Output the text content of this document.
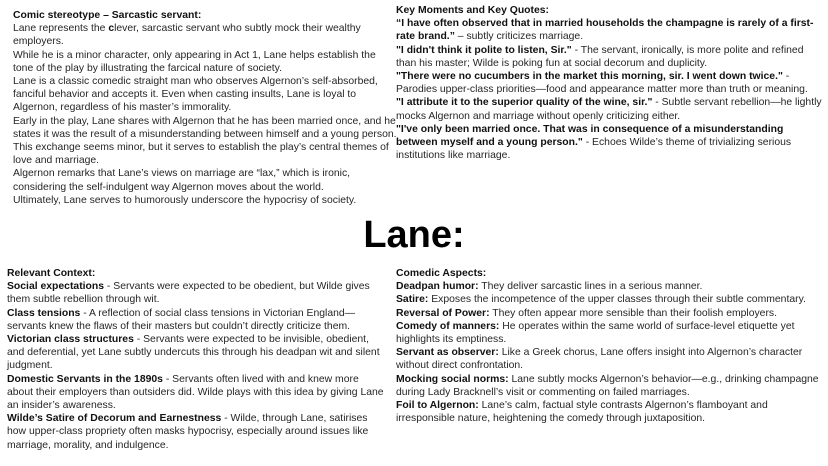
Comic stereotype – Sarcastic servant:

Lane represents the clever, sarcastic servant who subtly mock their wealthy employers.

While he is a minor character, only appearing in Act 1, Lane helps establish the tone of the play by illustrating the farcical nature of society.

Lane is a classic comedic straight man who observes Algernon’s self-absorbed, fanciful behavior and accepts it. Even when casting insults, Lane is loyal to Algernon, regardless of his master’s immorality.

Early in the play, Lane shares with Algernon that he has been married once, and he states it was the result of a misunderstanding between himself and a young person. This exchange seems minor, but it serves to establish the play’s central themes of love and marriage.

Algernon remarks that Lane’s views on marriage are “lax,” which is ironic, considering the self-indulgent way Algernon moves about the world.

Ultimately, Lane serves to humorously underscore the hypocrisy of society.

Key Moments and Key Quotes:

“I have often observed that in married households the champagne is rarely of a first-rate brand.” – subtly criticizes marriage.

"I didn't think it polite to listen, Sir." - The servant, ironically, is more polite and refined than his master; Wilde is poking fun at social decorum and duplicity.

"There were no cucumbers in the market this morning, sir. I went down twice." - Parodies upper-class priorities—food and appearance matter more than truth or meaning.

"I attribute it to the superior quality of the wine, sir." - Subtle servant rebellion—he lightly mocks Algernon and marriage without openly criticizing either.

"I've only been married once. That was in consequence of a misunderstanding between myself and a young person." - Echoes Wilde’s theme of trivializing serious institutions like marriage.

Lane:

Relevant Context:

Social expectations - Servants were expected to be obedient, but Wilde gives them subtle rebellion through wit.

Class tensions - A reflection of social class tensions in Victorian England—servants knew the flaws of their masters but couldn’t directly criticize them.

Victorian class structures - Servants were expected to be invisible, obedient, and deferential, yet Lane subtly undercuts this through his deadpan wit and silent judgment.

Domestic Servants in the 1890s - Servants often lived with and knew more about their employers than outsiders did. Wilde plays with this idea by giving Lane an insider’s awareness.

Wilde’s Satire of Decorum and Earnestness - Wilde, through Lane, satirises how upper-class propriety often masks hypocrisy, especially around issues like marriage, morality, and indulgence.

Comedic Aspects:

Deadpan humor: They deliver sarcastic lines in a serious manner.

Satire: Exposes the incompetence of the upper classes through their subtle commentary.

Reversal of Power: They often appear more sensible than their foolish employers.

Comedy of manners: He operates within the same world of surface-level etiquette yet highlights its emptiness.

Servant as observer: Like a Greek chorus, Lane offers insight into Algernon’s character without direct confrontation.

Mocking social norms: Lane subtly mocks Algernon’s behavior—e.g., drinking champagne during Lady Bracknell’s visit or commenting on failed marriages.

Foil to Algernon: Lane’s calm, factual style contrasts Algernon’s flamboyant and irresponsible nature, heightening the comedy through juxtaposition.
